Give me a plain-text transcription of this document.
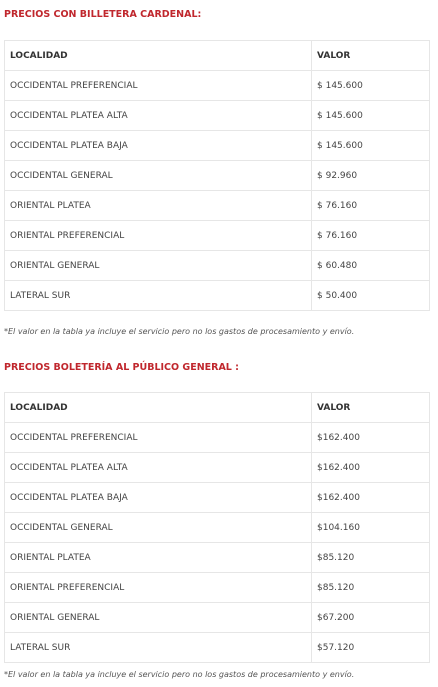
PRECIOS CON BILLETERA CARDENAL:
LOCALIDAD	VALOR
OCCIDENTAL PREFERENCIAL	$ 145.600
OCCIDENTAL PLATEA ALTA	$ 145.600
OCCIDENTAL PLATEA BAJA	$ 145.600
OCCIDENTAL GENERAL	$ 92.960
ORIENTAL PLATEA	$ 76.160
ORIENTAL PREFERENCIAL	$ 76.160
ORIENTAL GENERAL	$ 60.480
LATERAL SUR	$ 50.400
*El valor en la tabla ya incluye el servicio pero no los gastos de procesamiento y envío.
PRECIOS BOLETERÍA AL PÚBLICO GENERAL :
LOCALIDAD	VALOR
OCCIDENTAL PREFERENCIAL	$162.400
OCCIDENTAL PLATEA ALTA	$162.400
OCCIDENTAL PLATEA BAJA	$162.400
OCCIDENTAL GENERAL	$104.160
ORIENTAL PLATEA	$85.120
ORIENTAL PREFERENCIAL	$85.120
ORIENTAL GENERAL	$67.200
LATERAL SUR	$57.120
*El valor en la tabla ya incluye el servicio pero no los gastos de procesamiento y envío.
